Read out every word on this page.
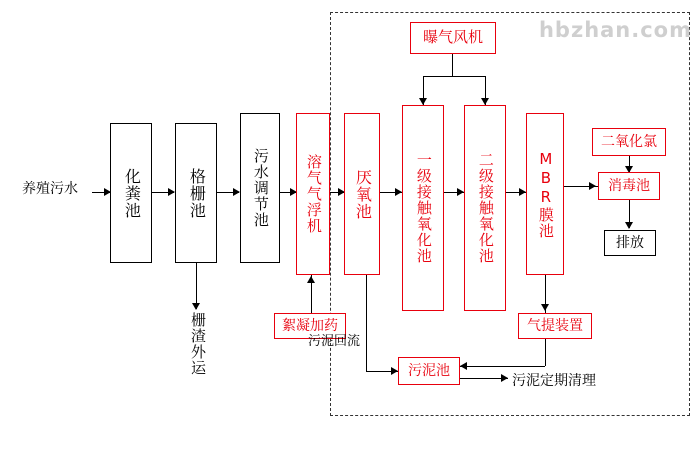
hbzhan.com
养殖污水	化粪池	格栅池
栅渣外运
污水调节池 溶气气浮机
絮凝加药
厌氧池	一级接触氧化池	二级接触氧化池	MBR膜池
曝气风机
二氧化氯
消毒池
排放
气提装置
污泥池
污泥回流
污泥定期清理
